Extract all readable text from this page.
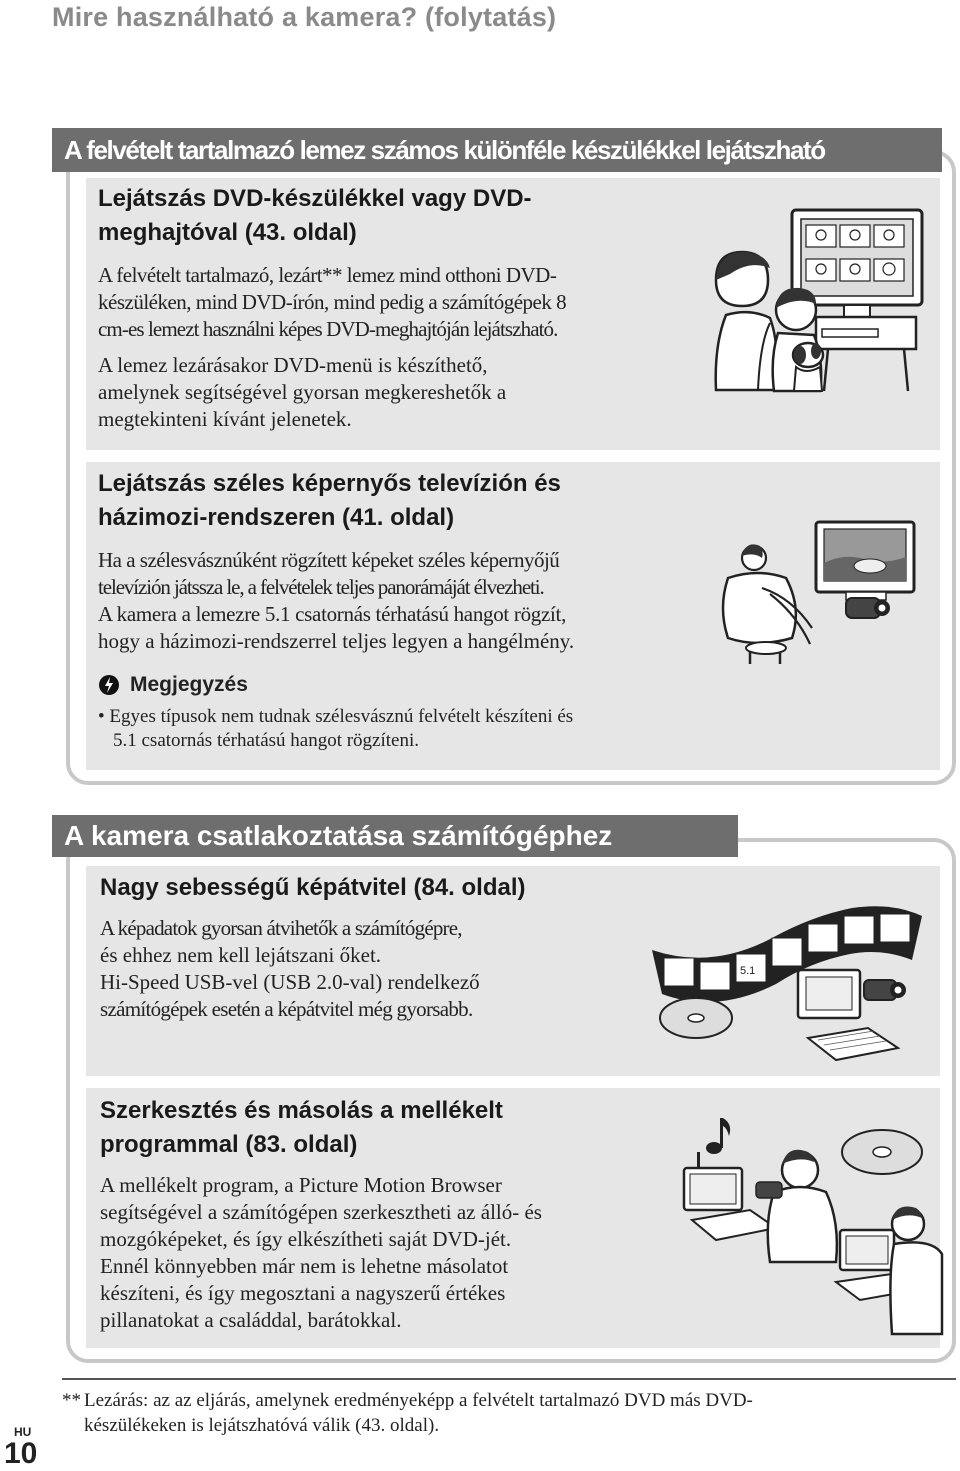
Mire használható a kamera? (folytatás)
A felvételt tartalmazó lemez számos különféle készülékkel lejátszható

Lejátszás DVD-készülékkel vagy DVD-

meghajtóval (43. oldal)

A felvételt tartalmazó, lezárt** lemez mind otthoni DVD-

készüléken, mind DVD-írón, mind pedig a számítógépek 8

cm-es lemezt használni képes DVD-meghajtóján lejátszható.

A lemez lezárásakor DVD-menü is készíthető,

amelynek segítségével gyorsan megkereshetők a

megtekinteni kívánt jelenetek.

Lejátszás széles képernyős televízión és

házimozi-rendszeren (41. oldal)

Ha a szélesvásznúként rögzített képeket széles képernyőjű

televízión játssza le, a felvételek teljes panorámáját élvezheti.

A kamera a lemezre 5.1 csatornás térhatású hangot rögzít,

hogy a házimozi-rendszerrel teljes legyen a hangélmény.

Megjegyzés

• Egyes típusok nem tudnak szélesvásznú felvételt készíteni és

5.1 csatornás térhatású hangot rögzíteni.

A kamera csatlakoztatása számítógéphez

Nagy sebességű képátvitel (84. oldal)

A képadatok gyorsan átvihetők a számítógépre,

és ehhez nem kell lejátszani őket.

Hi-Speed USB-vel (USB 2.0-val) rendelkező

számítógépek esetén a képátvitel még gyorsabb.

5.1

Szerkesztés és másolás a mellékelt

programmal (83. oldal)

A mellékelt program, a Picture Motion Browser

segítségével a számítógépen szerkesztheti az álló- és

mozgóképeket, és így elkészítheti saját DVD-jét.

Ennél könnyebben már nem is lehetne másolatot

készíteni, és így megosztani a nagyszerű értékes

pillanatokat a családdal, barátokkal.

** Lezárás: az az eljárás, amelynek eredményeképp a felvételt tartalmazó DVD más DVD-
készülékeken is lejátszhatóvá válik (43. oldal).
HU
10
